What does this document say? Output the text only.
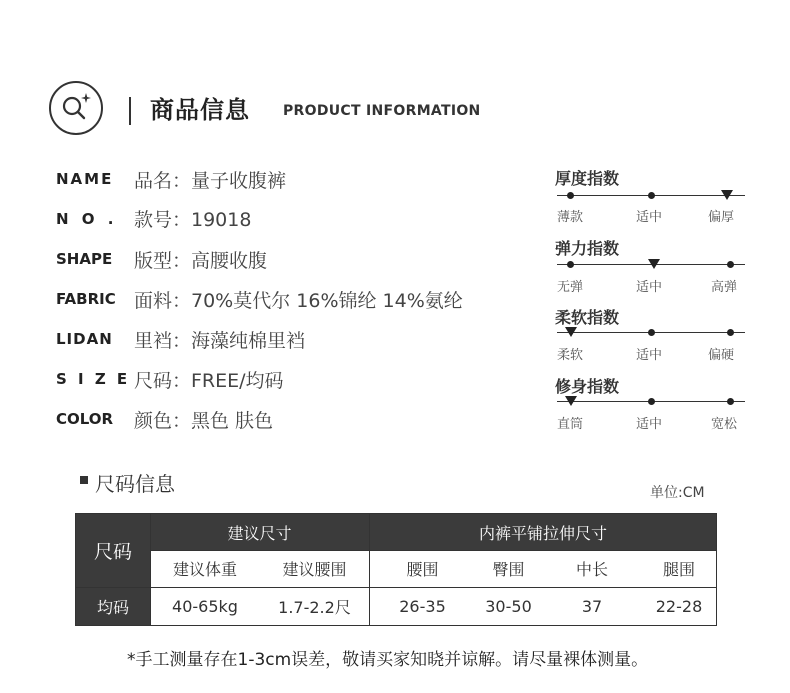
商品信息 PRODUCT INFORMATION
NAME 品名：量子收腹裤
N O . 款号：19018
SHAPE 版型：高腰收腹
FABRIC 面料：70%莫代尔 16%锦纶 14%氨纶
LIDAN 里裆：海藻纯棉里裆
S I Z E 尺码：FREE/均码
COLOR 颜色：黑色 肤色
厚度指数
薄款	适中	偏厚
弹力指数
无弹	适中	高弹
柔软指数
柔软	适中	偏硬
修身指数
直筒	适中	宽松
尺码信息	单位:CM
尺码
建议尺寸	内裤平铺拉伸尺寸
建议体重	建议腰围	腰围	臀围	中长	腿围
均码	40-65kg	1.7-2.2尺	26-35	30-50	37	22-28
*手工测量存在1-3cm误差，敬请买家知晓并谅解。请尽量裸体测量。
